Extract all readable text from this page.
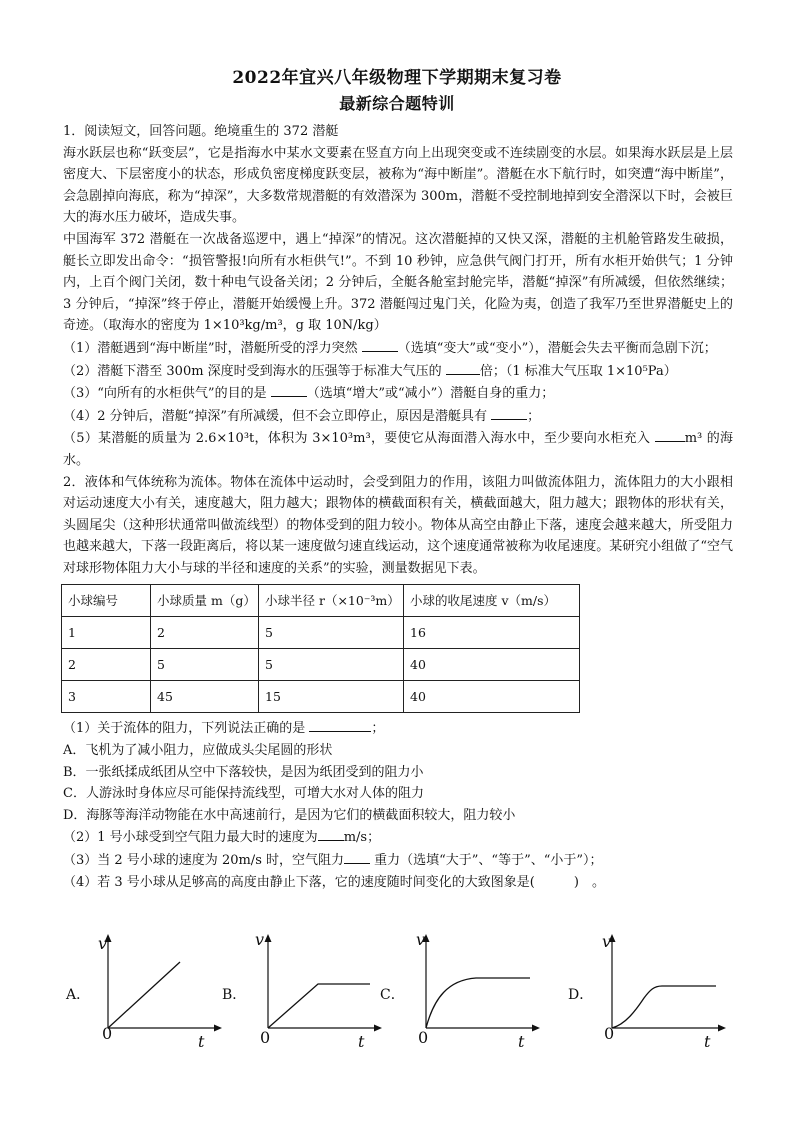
2022年宜兴八年级物理下学期期末复习卷
最新综合题特训

1．阅读短文，回答问题。绝境重生的 372 潜艇

海水跃层也称“跃变层”，它是指海水中某水文要素在竖直方向上出现突变或不连续剧变的水层。如果海水跃层是上层密度大、下层密度小的状态，形成负密度梯度跃变层，被称为“海中断崖”。潜艇在水下航行时，如突遭“海中断崖”，会急剧掉向海底，称为“掉深”，大多数常规潜艇的有效潜深为 300m，潜艇不受控制地掉到安全潜深以下时，会被巨大的海水压力破坏，造成失事。

中国海军 372 潜艇在一次战备巡逻中，遇上“掉深”的情况。这次潜艇掉的又快又深，潜艇的主机舱管路发生破损，艇长立即发出命令：“损管警报!向所有水柜供气!”。不到 10 秒钟，应急供气阀门打开，所有水柜开始供气；1 分钟内，上百个阀门关闭，数十种电气设备关闭；2 分钟后，全艇各舱室封舱完毕，潜艇“掉深”有所减缓，但依然继续；3 分钟后，“掉深”终于停止，潜艇开始缓慢上升。372 潜艇闯过鬼门关，化险为夷，创造了我军乃至世界潜艇史上的奇迹。（取海水的密度为 1×10³kg/m³，g 取 10N/kg）

（1）潜艇遇到“海中断崖”时，潜艇所受的浮力突然	（选填“变大”或“变小”），潜艇会失去平衡而急剧下沉；

（2）潜艇下潜至 300m 深度时受到海水的压强等于标准大气压的	倍；（1 标准大气压取 1×10⁵Pa）

（3）“向所有的水柜供气”的目的是	（选填“增大”或“减小”）潜艇自身的重力；

（4）2 分钟后，潜艇“掉深”有所减缓，但不会立即停止，原因是潜艇具有	；

（5）某潜艇的质量为 2.6×10³t，体积为 3×10³m³，要使它从海面潜入海水中，至少要向水柜充入	m³ 的海水。

2．液体和气体统称为流体。物体在流体中运动时，会受到阻力的作用，该阻力叫做流体阻力，流体阻力的大小跟相对运动速度大小有关，速度越大，阻力越大；跟物体的横截面积有关，横截面越大，阻力越大；跟物体的形状有关，头圆尾尖（这种形状通常叫做流线型）的物体受到的阻力较小。物体从高空由静止下落，速度会越来越大，所受阻力也越来越大，下落一段距离后，将以某一速度做匀速直线运动，这个速度通常被称为收尾速度。某研究小组做了“空气对球形物体阻力大小与球的半径和速度的关系”的实验，测量数据见下表。

小球编号	小球质量 m（g）	小球半径 r（×10⁻³m）	小球的收尾速度 v（m/s）
1	2	5	16
2	5	5	40
3	45	15	40

（1）关于流体的阻力，下列说法正确的是	；

A．飞机为了减小阻力，应做成头尖尾圆的形状

B．一张纸揉成纸团从空中下落较快，是因为纸团受到的阻力小

C．人游泳时身体应尽可能保持流线型，可增大水对人体的阻力

D．海豚等海洋动物能在水中高速前行，是因为它们的横截面积较大，阻力较小

（2）1 号小球受到空气阻力最大时的速度为 m/s；

（3）当 2 号小球的速度为 20m/s 时，空气阻力 重力（选填“大于”、“等于”、“小于”）；

（4）若 3 号小球从足够高的高度由静止下落，它的速度随时间变化的大致图象是(　　　)　。

A．
v
t
0
B．
v
t
0
C．
v
t
0
D．
v
t
0
